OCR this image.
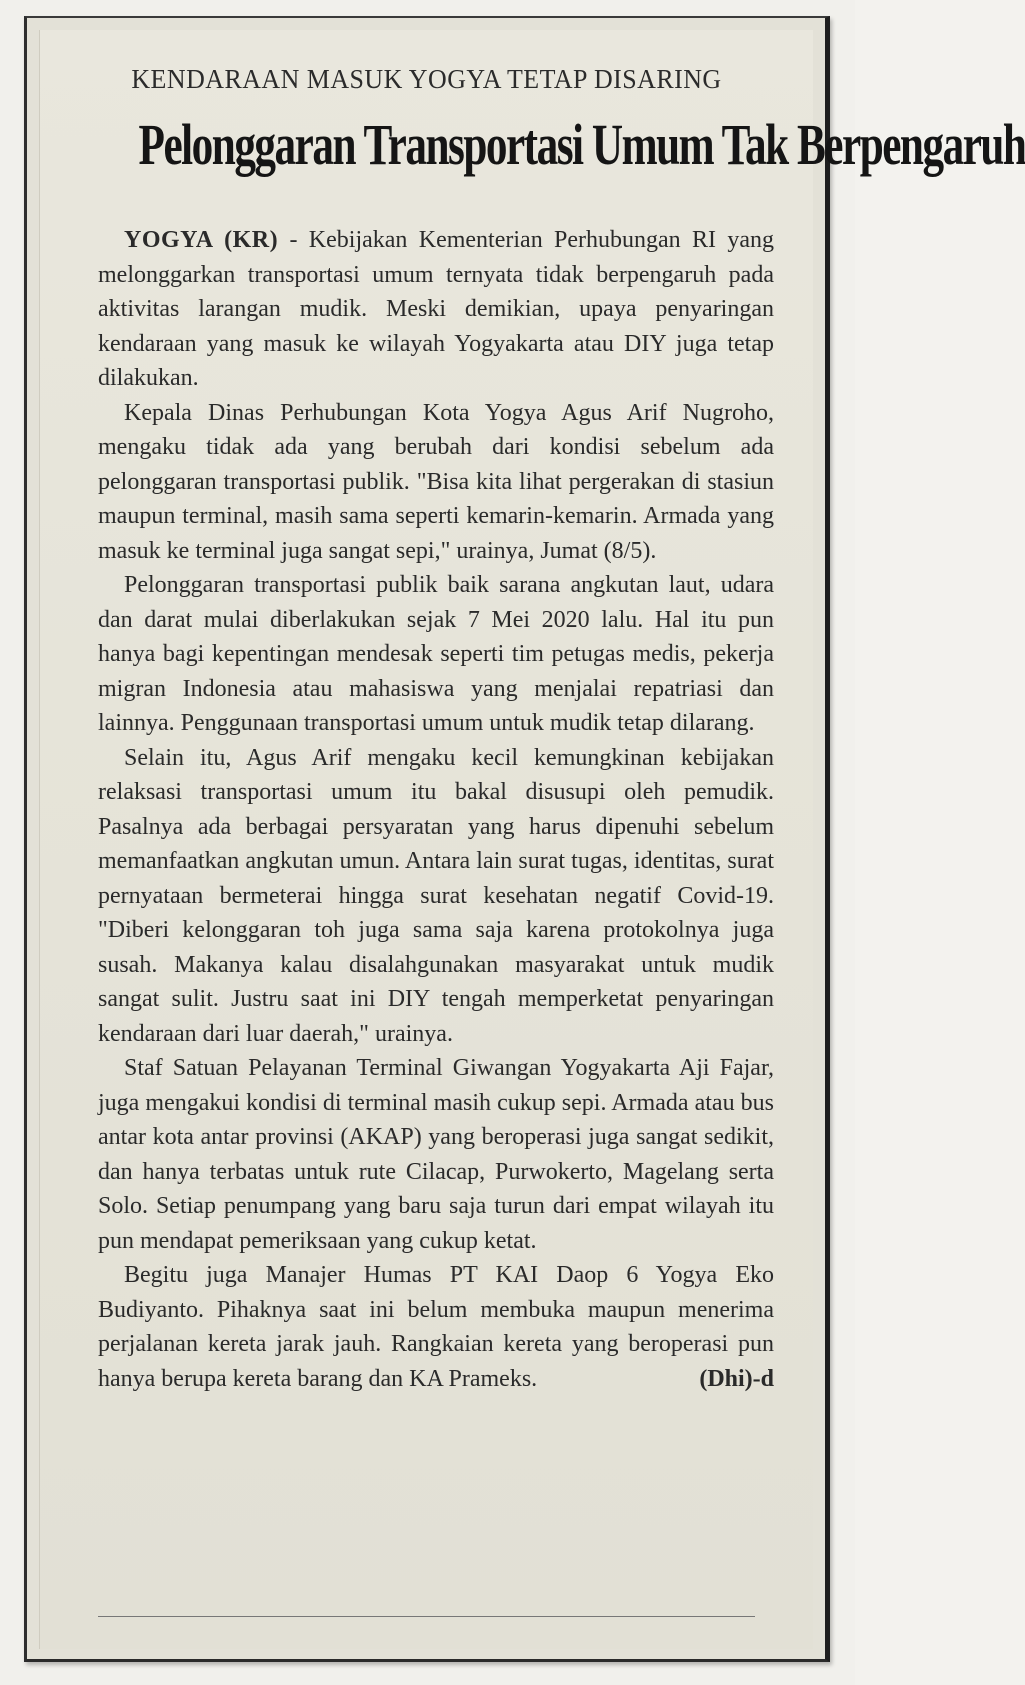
KENDARAAN MASUK YOGYA TETAP DISARING
Pelonggaran Transportasi Umum Tak Berpengaruh

YOGYA (KR) - Kebijakan Kementerian Perhubungan RI yang melonggarkan transportasi umum ternyata tidak berpengaruh pada aktivitas larangan mudik. Meski demikian, upaya penyaringan kendaraan yang masuk ke wilayah Yogyakarta atau DIY juga tetap dilakukan.

Kepala Dinas Perhubungan Kota Yogya Agus Arif Nugroho, mengaku tidak ada yang berubah dari kondisi sebelum ada pelonggaran transportasi publik. "Bisa kita lihat pergerakan di stasiun maupun terminal, masih sama seperti kemarin-kemarin. Armada yang masuk ke terminal juga sangat sepi," urainya, Jumat (8/5).

Pelonggaran transportasi publik baik sarana angkutan laut, udara dan darat mulai diberlakukan sejak 7 Mei 2020 lalu. Hal itu pun hanya bagi kepentingan mendesak seperti tim petugas medis, pekerja migran Indonesia atau mahasiswa yang menjalai repatriasi dan lainnya. Penggunaan transportasi umum untuk mudik tetap dilarang.

Selain itu, Agus Arif mengaku kecil kemungkinan kebijakan relaksasi transportasi umum itu bakal disusupi oleh pemudik. Pasalnya ada berbagai persyaratan yang harus dipenuhi sebelum memanfaatkan angkutan umun. Antara lain surat tugas, identitas, surat pernyataan bermeterai hingga surat kesehatan negatif Covid-19. "Diberi kelonggaran toh juga sama saja karena protokolnya juga susah. Makanya kalau disalahgunakan masyarakat untuk mudik sangat sulit. Justru saat ini DIY tengah memperketat penyaringan kendaraan dari luar daerah," urainya.

Staf Satuan Pelayanan Terminal Giwangan Yogyakarta Aji Fajar, juga mengakui kondisi di terminal masih cukup sepi. Armada atau bus antar kota antar provinsi (AKAP) yang beroperasi juga sangat sedikit, dan hanya terbatas untuk rute Cilacap, Purwokerto, Magelang serta Solo. Setiap penumpang yang baru saja turun dari empat wilayah itu pun mendapat pemeriksaan yang cukup ketat.

Begitu juga Manajer Humas PT KAI Daop 6 Yogya Eko Budiyanto. Pihaknya saat ini belum membuka maupun menerima perjalanan kereta jarak jauh. Rangkaian kereta yang beroperasi pun hanya berupa kereta barang dan KA Prameks.	(Dhi)-d
